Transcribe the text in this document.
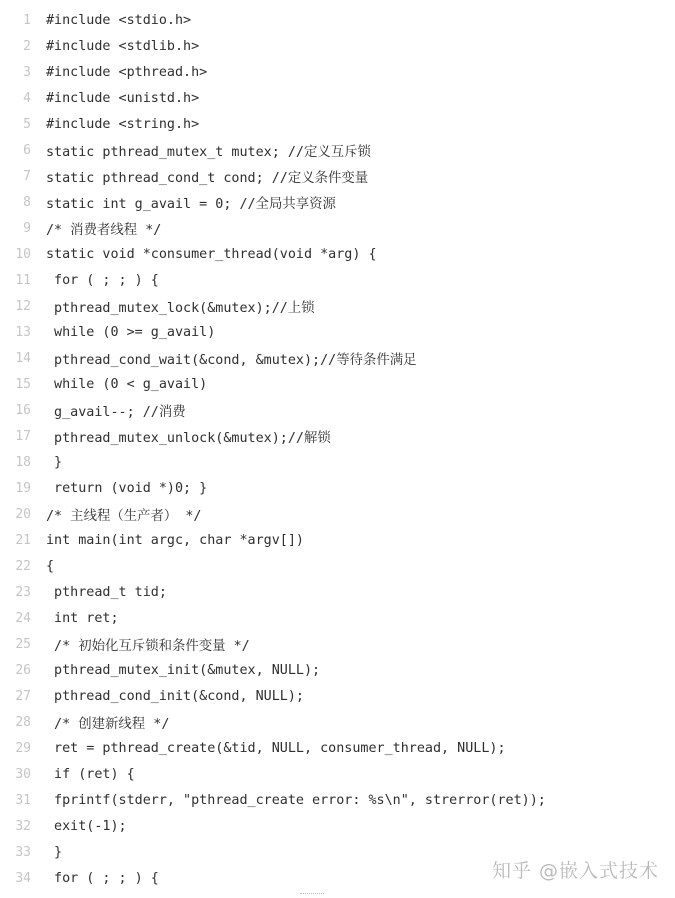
1	#include <stdio.h>
2	#include <stdlib.h>
3	#include <pthread.h>
4	#include <unistd.h>
5	#include <string.h>
6	static pthread_mutex_t mutex; //定义互斥锁
7	static pthread_cond_t cond; //定义条件变量
8	static int g_avail = 0; //全局共享资源
9	/* 消费者线程 */
10	static void *consumer_thread(void *arg) {
11	for ( ; ; ) {
12	pthread_mutex_lock(&mutex);//上锁
13	while (0 >= g_avail)
14	pthread_cond_wait(&cond, &mutex);//等待条件满足
15	while (0 < g_avail)
16	g_avail--; //消费
17	pthread_mutex_unlock(&mutex);//解锁
18	}
19	return (void *)0; }
20	/* 主线程（生产者） */
21	int main(int argc, char *argv[])
22	{
23	pthread_t tid;
24	int ret;
25	/* 初始化互斥锁和条件变量 */
26	pthread_mutex_init(&mutex, NULL);
27	pthread_cond_init(&cond, NULL);
28	/* 创建新线程 */
29	ret = pthread_create(&tid, NULL, consumer_thread, NULL);
30	if (ret) {
31	fprintf(stderr, "pthread_create error: %s\n", strerror(ret));
32	exit(-1);
33	}
34	for ( ; ; ) {	知乎 @嵌入式技术
